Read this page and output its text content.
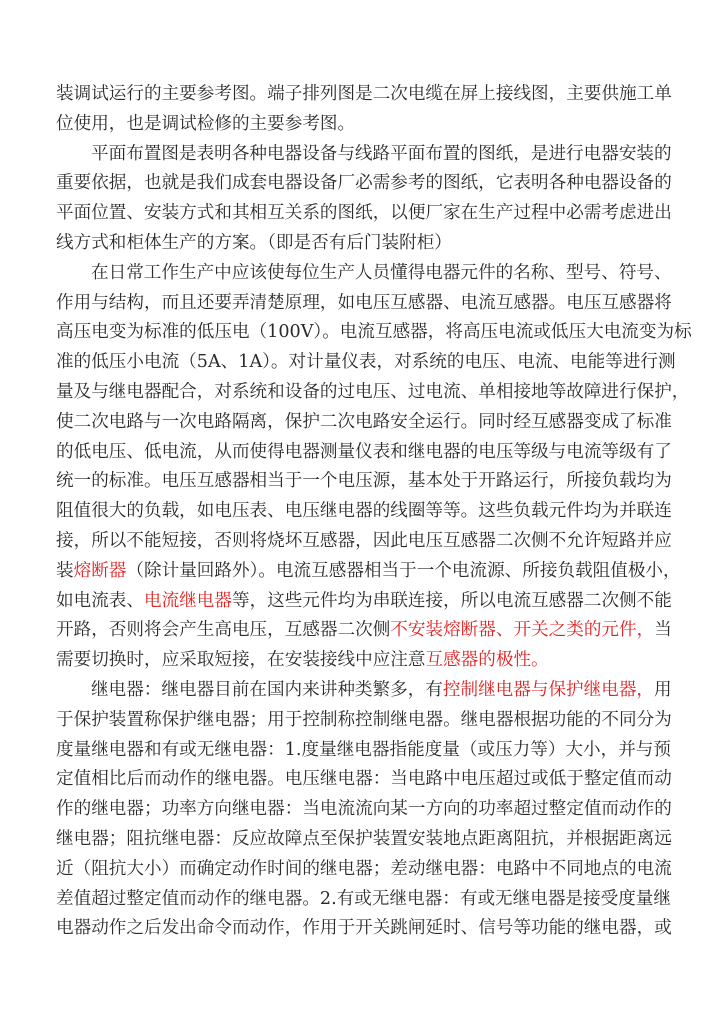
装调试运行的主要参考图。端子排列图是二次电缆在屏上接线图，主要供施工单
位使用，也是调试检修的主要参考图。
平面布置图是表明各种电器设备与线路平面布置的图纸，是进行电器安装的
重要依据，也就是我们成套电器设备厂必需参考的图纸，它表明各种电器设备的
平面位置、安装方式和其相互关系的图纸，以便厂家在生产过程中必需考虑进出
线方式和柜体生产的方案。（即是否有后门装附柜）
在日常工作生产中应该使每位生产人员懂得电器元件的名称、型号、符号、
作用与结构，而且还要弄清楚原理，如电压互感器、电流互感器。电压互感器将
高压电变为标准的低压电（100V）。电流互感器，将高压电流或低压大电流变为标
准的低压小电流（5A、1A）。对计量仪表，对系统的电压、电流、电能等进行测
量及与继电器配合，对系统和设备的过电压、过电流、单相接地等故障进行保护，
使二次电路与一次电路隔离，保护二次电路安全运行。同时经互感器变成了标准
的低电压、低电流，从而使得电器测量仪表和继电器的电压等级与电流等级有了
统一的标准。电压互感器相当于一个电压源，基本处于开路运行，所接负载均为
阻值很大的负载，如电压表、电压继电器的线圈等等。这些负载元件均为并联连
接，所以不能短接，否则将烧坏互感器，因此电压互感器二次侧不允许短路并应
装熔断器（除计量回路外）。电流互感器相当于一个电流源、所接负载阻值极小，
如电流表、电流继电器等，这些元件均为串联连接，所以电流互感器二次侧不能
开路，否则将会产生高电压，互感器二次侧不安装熔断器、开关之类的元件，当
需要切换时，应采取短接，在安装接线中应注意互感器的极性。
继电器：继电器目前在国内来讲种类繁多，有控制继电器与保护继电器，用
于保护装置称保护继电器；用于控制称控制继电器。继电器根据功能的不同分为
度量继电器和有或无继电器：1.度量继电器指能度量（或压力等）大小，并与预
定值相比后而动作的继电器。电压继电器：当电路中电压超过或低于整定值而动
作的继电器；功率方向继电器：当电流流向某一方向的功率超过整定值而动作的
继电器；阻抗继电器：反应故障点至保护装置安装地点距离阻抗，并根据距离远
近（阻抗大小）而确定动作时间的继电器；差动继电器：电路中不同地点的电流
差值超过整定值而动作的继电器。2.有或无继电器：有或无继电器是接受度量继
电器动作之后发出命令而动作，作用于开关跳闸延时、信号等功能的继电器，或
